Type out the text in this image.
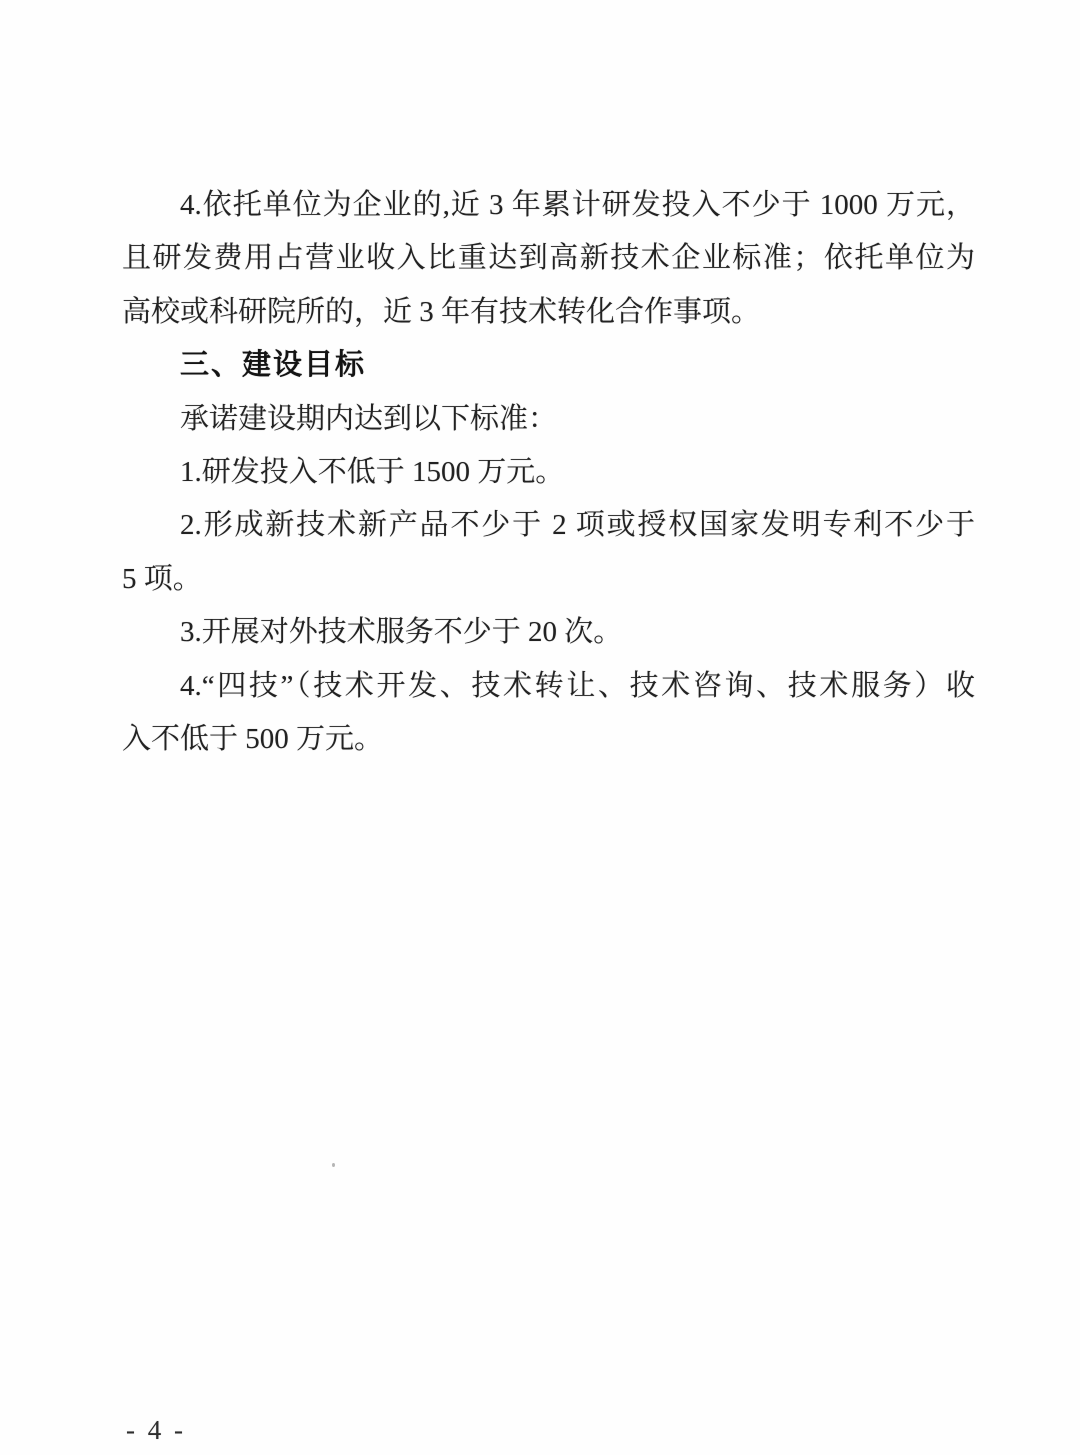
4.依托单位为企业的,近 3 年累计研发投入不少于 1000 万元，
且研发费用占营业收入比重达到高新技术企业标准；依托单位为
高校或科研院所的，近 3 年有技术转化合作事项。
三、建设目标
承诺建设期内达到以下标准：
1.研发投入不低于 1500 万元。
2.形成新技术新产品不少于 2 项或授权国家发明专利不少于
5 项。
3.开展对外技术服务不少于 20 次。
4.“四技”（技术开发、技术转让、技术咨询、技术服务）收
入不低于 500 万元。
- 4 -
